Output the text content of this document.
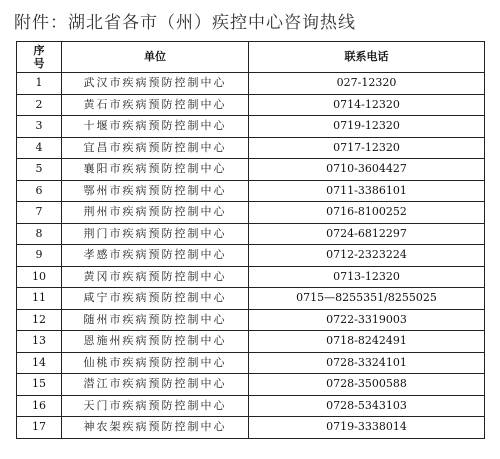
附件：湖北省各市（州）疾控中心咨询热线
序
号	单位	联系电话
1	武汉市疾病预防控制中心	027-12320
2	黄石市疾病预防控制中心	0714-12320
3	十堰市疾病预防控制中心	0719-12320
4	宜昌市疾病预防控制中心	0717-12320
5	襄阳市疾病预防控制中心	0710-3604427
6	鄂州市疾病预防控制中心	0711-3386101
7	荆州市疾病预防控制中心	0716-8100252
8	荆门市疾病预防控制中心	0724-6812297
9	孝感市疾病预防控制中心	0712-2323224
10	黄冈市疾病预防控制中心	0713-12320
11	咸宁市疾病预防控制中心	0715—8255351/8255025
12	随州市疾病预防控制中心	0722-3319003
13	恩施州疾病预防控制中心	0718-8242491
14	仙桃市疾病预防控制中心	0728-3324101
15	潜江市疾病预防控制中心	0728-3500588
16	天门市疾病预防控制中心	0728-5343103
17	神农架疾病预防控制中心	0719-3338014
